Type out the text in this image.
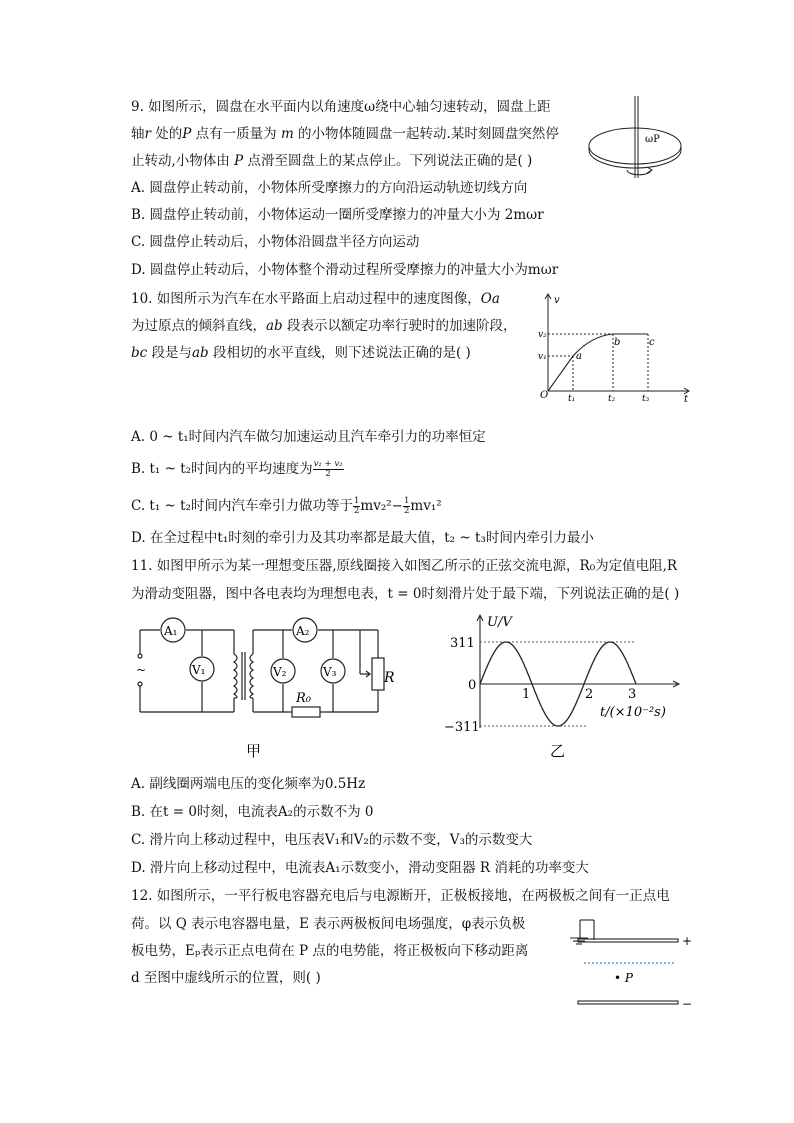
9. 如图所示，圆盘在水平面内以角速度ω绕中心轴匀速转动，圆盘上距
轴r 处的P 点有一质量为 m 的小物体随圆盘一起转动.某时刻圆盘突然停
止转动,小物体由 P 点滑至圆盘上的某点停止。下列说法正确的是( )
A. 圆盘停止转动前，小物体所受摩擦力的方向沿运动轨迹切线方向
B. 圆盘停止转动前，小物体运动一圈所受摩擦力的冲量大小为 2mωr
C. 圆盘停止转动后，小物体沿圆盘半径方向运动
D. 圆盘停止转动后，小物体整个滑动过程所受摩擦力的冲量大小为mωr
ωP
10. 如图所示为汽车在水平路面上启动过程中的速度图像，Oa
为过原点的倾斜直线，ab 段表示以额定功率行驶时的加速阶段，
bc 段是与ab 段相切的水平直线，则下述说法正确的是( )
v
t
O
v₂
v₁	a
b	c
t₁	t₂	t₃
A. 0 ~ t₁时间内汽车做匀加速运动且汽车牵引力的功率恒定
B. t₁ ~ t₂时间内的平均速度为 $\frac{\text{v₁ + v₂}}{2}$
C. t₁ ~ t₂时间内汽车牵引力做功等于 $\frac{1}{2} mv_2^2- \frac{1}{2} mv_1^2$
D. 在全过程中t₁时刻的牵引力及其功率都是最大值，t₂ ~ t₃时间内牵引力最小
11. 如图甲所示为某一理想变压器,原线圈接入如图乙所示的正弦交流电源，R₀为定值电阻,R
为滑动变阻器，图中各电表均为理想电表，t = 0时刻滑片处于最下端，下列说法正确的是( )
~
A₁
V₁
A₂
V₂	V₃
R₀
R
甲
U/V
311
0
−311
1	2	3
t/(×10⁻²s)
乙
A. 副线圈两端电压的变化频率为0.5Hz
B. 在t = 0时刻，电流表A₂的示数不为 0
C. 滑片向上移动过程中，电压表V₁和V₂的示数不变，V₃的示数变大
D. 滑片向上移动过程中，电流表A₁示数变小，滑动变阻器 R 消耗的功率变大
12. 如图所示，一平行板电容器充电后与电源断开，正极板接地，在两极板之间有一正点电
荷。以 Q 表示电容器电量，E 表示两极板间电场强度，φ表示负极
板电势，Eₚ表示正点电荷在 P 点的电势能，将正极板向下移动距离
d 至图中虚线所示的位置，则( )
+
−
• P
